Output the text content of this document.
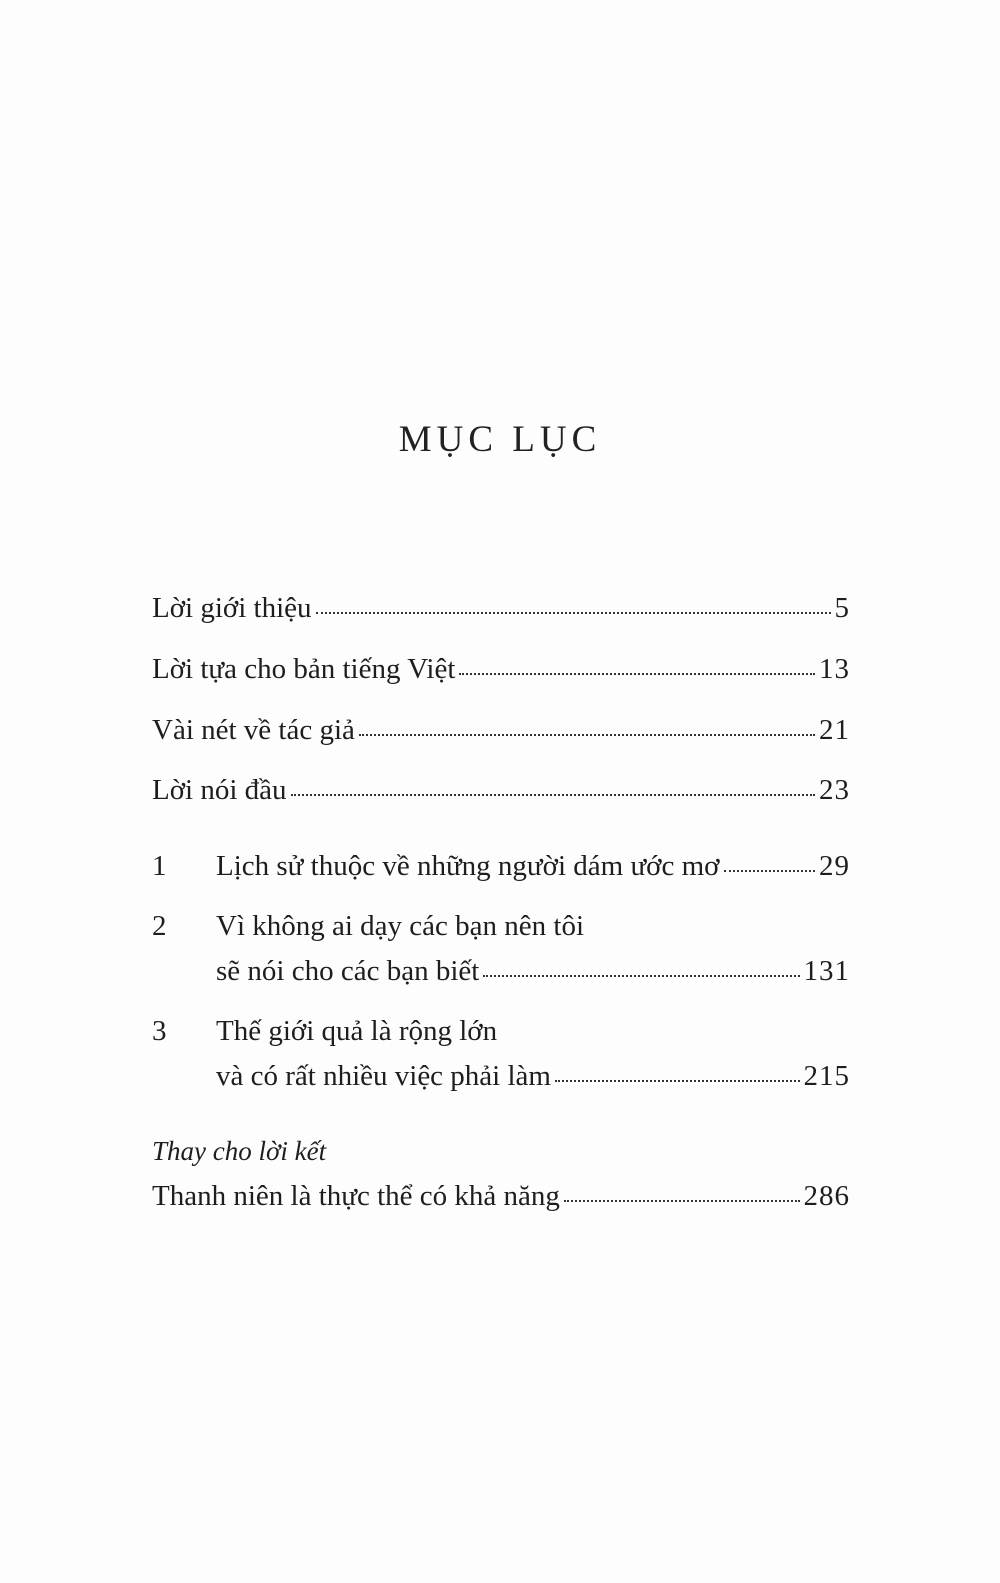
MỤC LỤC
Lời giới thiệu	5
Lời tựa cho bản tiếng Việt	13
Vài nét về tác giả	21
Lời nói đầu	23
1 Lịch sử thuộc về những người dám ước mơ	29
2 Vì không ai dạy các bạn nên tôi
sẽ nói cho các bạn biết	131
3 Thế giới quả là rộng lớn
và có rất nhiều việc phải làm	215
Thay cho lời kết
Thanh niên là thực thể có khả năng	286
